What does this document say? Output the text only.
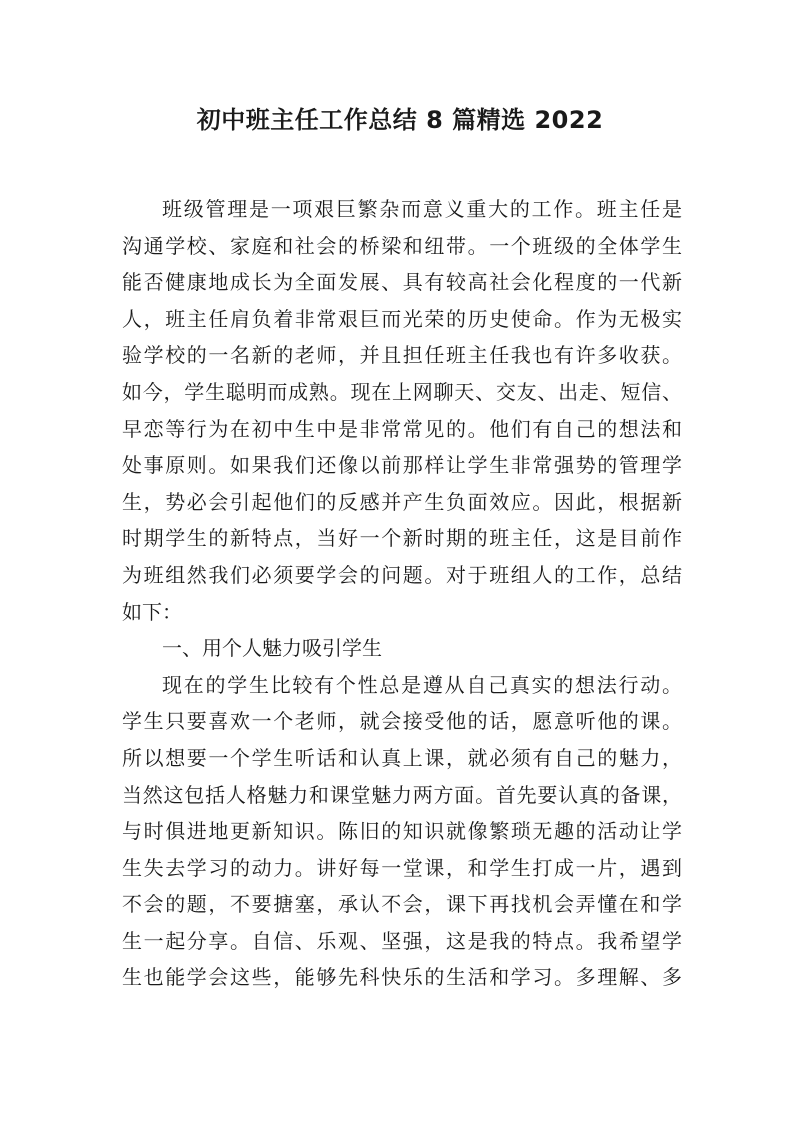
初中班主任工作总结 8 篇精选 2022
班级管理是一项艰巨繁杂而意义重大的工作。班主任是
沟通学校、家庭和社会的桥梁和纽带。一个班级的全体学生
能否健康地成长为全面发展、具有较高社会化程度的一代新
人，班主任肩负着非常艰巨而光荣的历史使命。作为无极实
验学校的一名新的老师，并且担任班主任我也有许多收获。
如今，学生聪明而成熟。现在上网聊天、交友、出走、短信、
早恋等行为在初中生中是非常常见的。他们有自己的想法和
处事原则。如果我们还像以前那样让学生非常强势的管理学
生，势必会引起他们的反感并产生负面效应。因此，根据新
时期学生的新特点，当好一个新时期的班主任，这是目前作
为班组然我们必须要学会的问题。对于班组人的工作，总结
如下：
一、用个人魅力吸引学生
现在的学生比较有个性总是遵从自己真实的想法行动。
学生只要喜欢一个老师，就会接受他的话，愿意听他的课。
所以想要一个学生听话和认真上课，就必须有自己的魅力，
当然这包括人格魅力和课堂魅力两方面。首先要认真的备课，
与时俱进地更新知识。陈旧的知识就像繁琐无趣的活动让学
生失去学习的动力。讲好每一堂课，和学生打成一片，遇到
不会的题，不要搪塞，承认不会，课下再找机会弄懂在和学
生一起分享。自信、乐观、坚强，这是我的特点。我希望学
生也能学会这些，能够先科快乐的生活和学习。多理解、多
